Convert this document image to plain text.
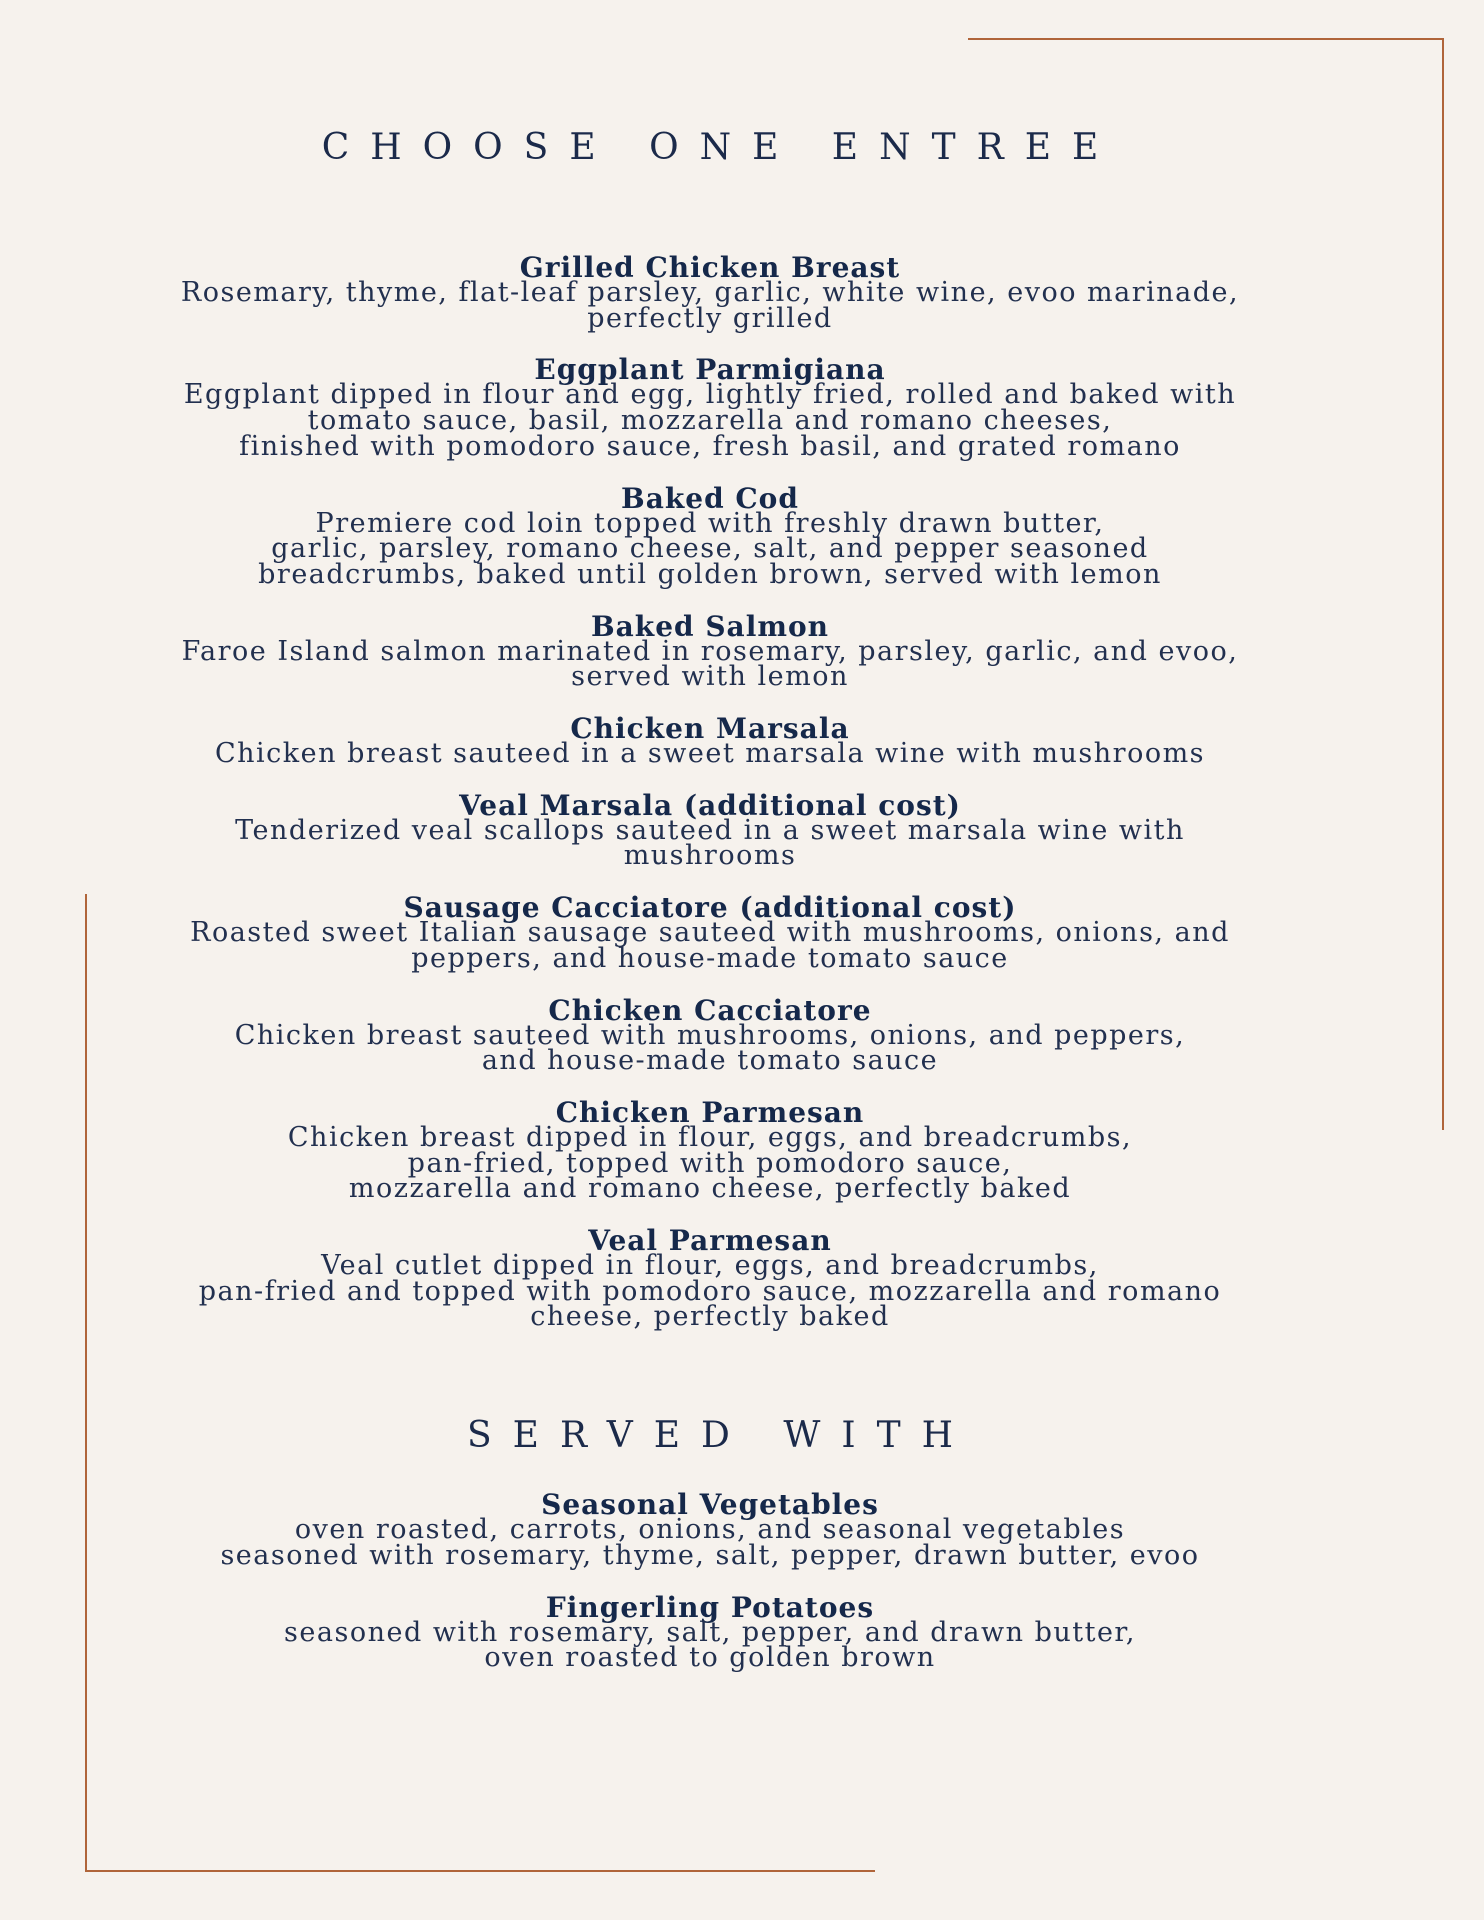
CHOOSE ONE ENTREE
Grilled Chicken Breast
Rosemary, thyme, flat-leaf parsley, garlic, white wine, evoo marinade,
perfectly grilled
Eggplant Parmigiana
Eggplant dipped in flour and egg, lightly fried, rolled and baked with
tomato sauce, basil, mozzarella and romano cheeses,
finished with pomodoro sauce, fresh basil, and grated romano
Baked Cod
Premiere cod loin topped with freshly drawn butter,
garlic, parsley, romano cheese, salt, and pepper seasoned
breadcrumbs, baked until golden brown, served with lemon
Baked Salmon
Faroe Island salmon marinated in rosemary, parsley, garlic, and evoo,
served with lemon
Chicken Marsala
Chicken breast sauteed in a sweet marsala wine with mushrooms
Veal Marsala (additional cost)
Tenderized veal scallops sauteed in a sweet marsala wine with
mushrooms
Sausage Cacciatore (additional cost)
Roasted sweet Italian sausage sauteed with mushrooms, onions, and
peppers, and house-made tomato sauce
Chicken Cacciatore
Chicken breast sauteed with mushrooms, onions, and peppers,
and house-made tomato sauce
Chicken Parmesan
Chicken breast dipped in flour, eggs, and breadcrumbs,
pan-fried, topped with pomodoro sauce,
mozzarella and romano cheese, perfectly baked
Veal Parmesan
Veal cutlet dipped in flour, eggs, and breadcrumbs,
pan-fried and topped with pomodoro sauce, mozzarella and romano
cheese, perfectly baked
SERVED WITH
Seasonal Vegetables
oven roasted, carrots, onions, and seasonal vegetables
seasoned with rosemary, thyme, salt, pepper, drawn butter, evoo
Fingerling Potatoes
seasoned with rosemary, salt, pepper, and drawn butter,
oven roasted to golden brown
